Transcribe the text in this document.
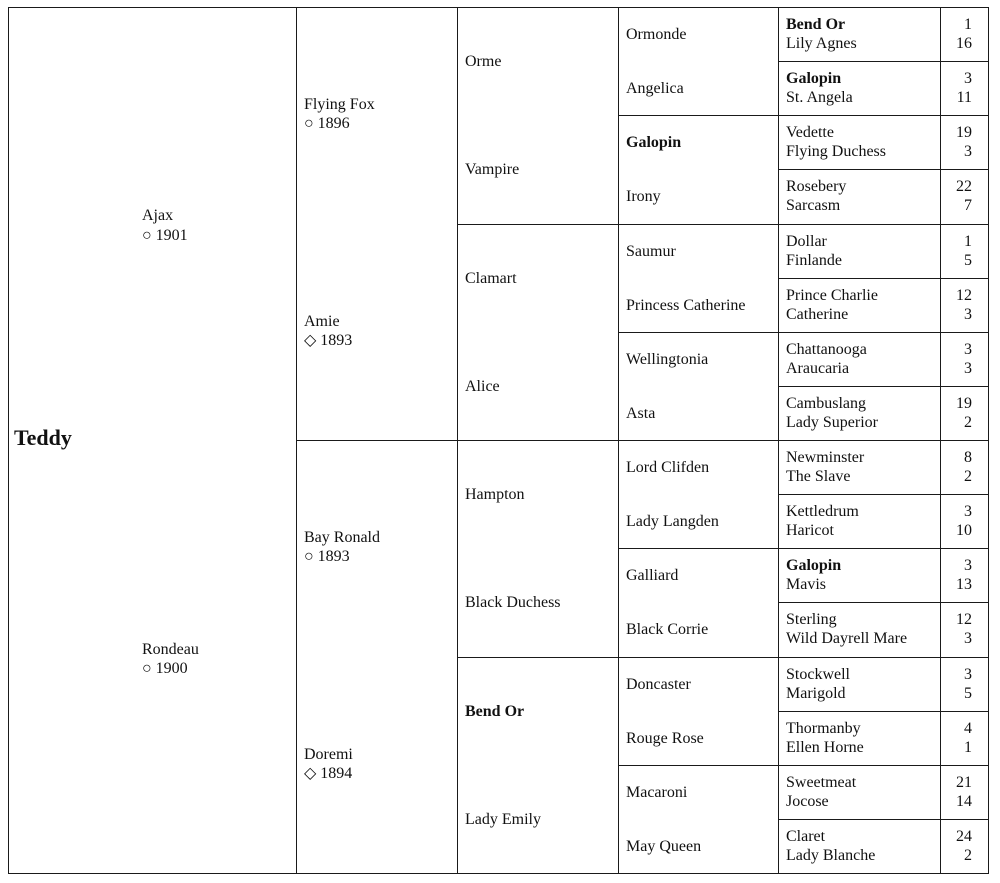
Teddy
Ajax
○ 1901
Rondeau
○ 1900
Flying Fox
○ 1896
Amie
◇ 1893
Bay Ronald
○ 1893
Doremi
◇ 1894
Orme
Vampire
Clamart
Alice
Hampton
Black Duchess
Bend Or
Lady Emily
Ormonde
Angelica
Galopin
Irony
Saumur
Princess Catherine
Wellingtonia
Asta
Lord Clifden
Lady Langden
Galliard
Black Corrie
Doncaster
Rouge Rose
Macaroni
May Queen
Bend Or
Lily Agnes
1
16
Galopin
St. Angela
3
11
Vedette
Flying Duchess
19
3
Rosebery
Sarcasm
22
7
Dollar
Finlande
1
5
Prince Charlie
Catherine
12
3
Chattanooga
Araucaria
3
3
Cambuslang
Lady Superior
19
2
Newminster
The Slave
8
2
Kettledrum
Haricot
3
10
Galopin
Mavis
3
13
Sterling
Wild Dayrell Mare
12
3
Stockwell
Marigold
3
5
Thormanby
Ellen Horne
4
1
Sweetmeat
Jocose
21
14
Claret
Lady Blanche
24
2
